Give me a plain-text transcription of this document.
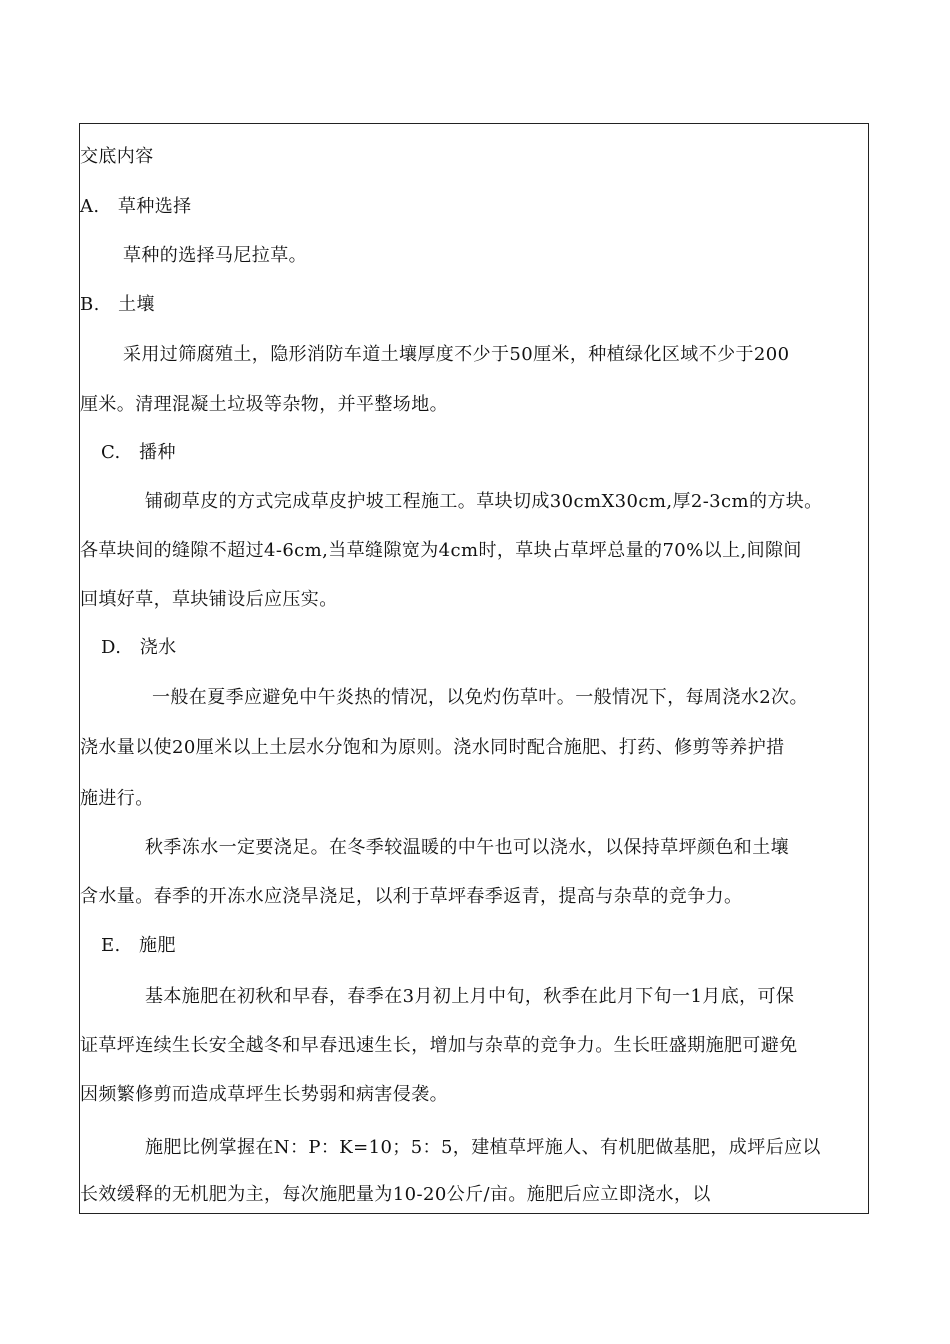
交底内容
A.　草种选择
草种的选择马尼拉草。
B.　土壤
采用过筛腐殖土，隐形消防车道土壤厚度不少于50厘米，种植绿化区域不少于200
厘米。清理混凝土垃圾等杂物，并平整场地。
C.　播种
铺砌草皮的方式完成草皮护坡工程施工。草块切成30cmX30cm,厚2-3cm的方块。
各草块间的缝隙不超过4-6cm,当草缝隙宽为4cm时，草块占草坪总量的70%以上,间隙间
回填好草，草块铺设后应压实。
D.　浇水
一般在夏季应避免中午炎热的情况，以免灼伤草叶。一般情况下，每周浇水2次。
浇水量以使20厘米以上土层水分饱和为原则。浇水同时配合施肥、打药、修剪等养护措
施进行。
秋季冻水一定要浇足。在冬季较温暖的中午也可以浇水，以保持草坪颜色和土壤
含水量。春季的开冻水应浇旱浇足，以利于草坪春季返青，提高与杂草的竞争力。
E.　施肥
基本施肥在初秋和早春，春季在3月初上月中旬，秋季在此月下旬一1月底，可保
证草坪连续生长安全越冬和早春迅速生长，增加与杂草的竞争力。生长旺盛期施肥可避免
因频繁修剪而造成草坪生长势弱和病害侵袭。
施肥比例掌握在N：P：K=10；5：5，建植草坪施人、有机肥做基肥，成坪后应以
长效缓释的无机肥为主，每次施肥量为10-20公斤/亩。施肥后应立即浇水，以
